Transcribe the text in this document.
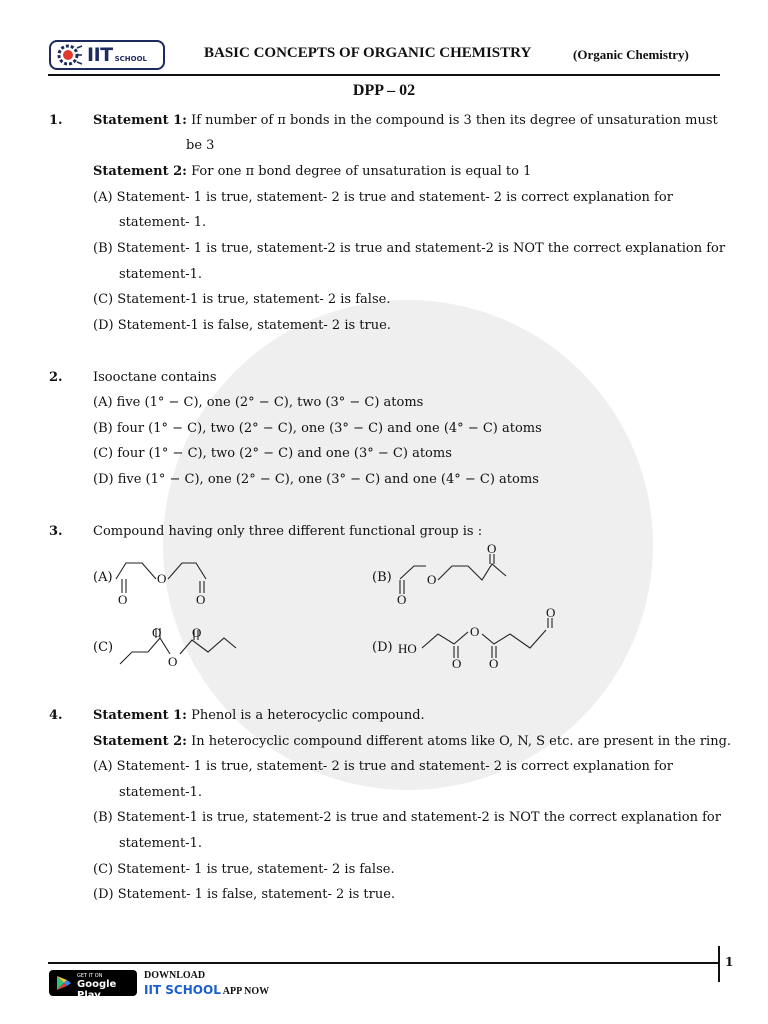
IIT SCHOOL	BASIC CONCEPTS OF ORGANIC CHEMISTRY	(Organic Chemistry)
DPP – 02
1. Statement 1: If number of π bonds in the compound is 3 then its degree of unsaturation must
be 3
Statement 2: For one π bond degree of unsaturation is equal to 1
(A) Statement- 1 is true, statement- 2 is true and statement- 2 is correct explanation for
statement- 1.
(B) Statement- 1 is true, statement-2 is true and statement-2 is NOT the correct explanation for
statement-1.
(C) Statement-1 is true, statement- 2 is false.
(D) Statement-1 is false, statement- 2 is true.
2. Isooctane contains
(A) five (1° − C), one (2° − C), two (3° − C) atoms
(B) four (1° − C), two (2° − C), one (3° − C) and one (4° − C) atoms
(C) four (1° − C), two (2° − C) and one (3° − C) atoms
(D) five (1° − C), one (2° − C), one (3° − C) and one (4° − C) atoms
3. Compound having only three different functional group is :
(A)
O
O
O
(B)
O
O
O
(C)
O
O
O
(D) HO
O
O
O
O
4. Statement 1: Phenol is a heterocyclic compound.
Statement 2: In heterocyclic compound different atoms like O, N, S etc. are present in the ring.
(A) Statement- 1 is true, statement- 2 is true and statement- 2 is correct explanation for
statement-1.
(B) Statement-1 is true, statement-2 is true and statement-2 is NOT the correct explanation for
statement-1.
(C) Statement- 1 is true, statement- 2 is false.
(D) Statement- 1 is false, statement- 2 is true.
1
GET IT ON
Google Play
DOWNLOAD
IIT SCHOOL APP NOW
